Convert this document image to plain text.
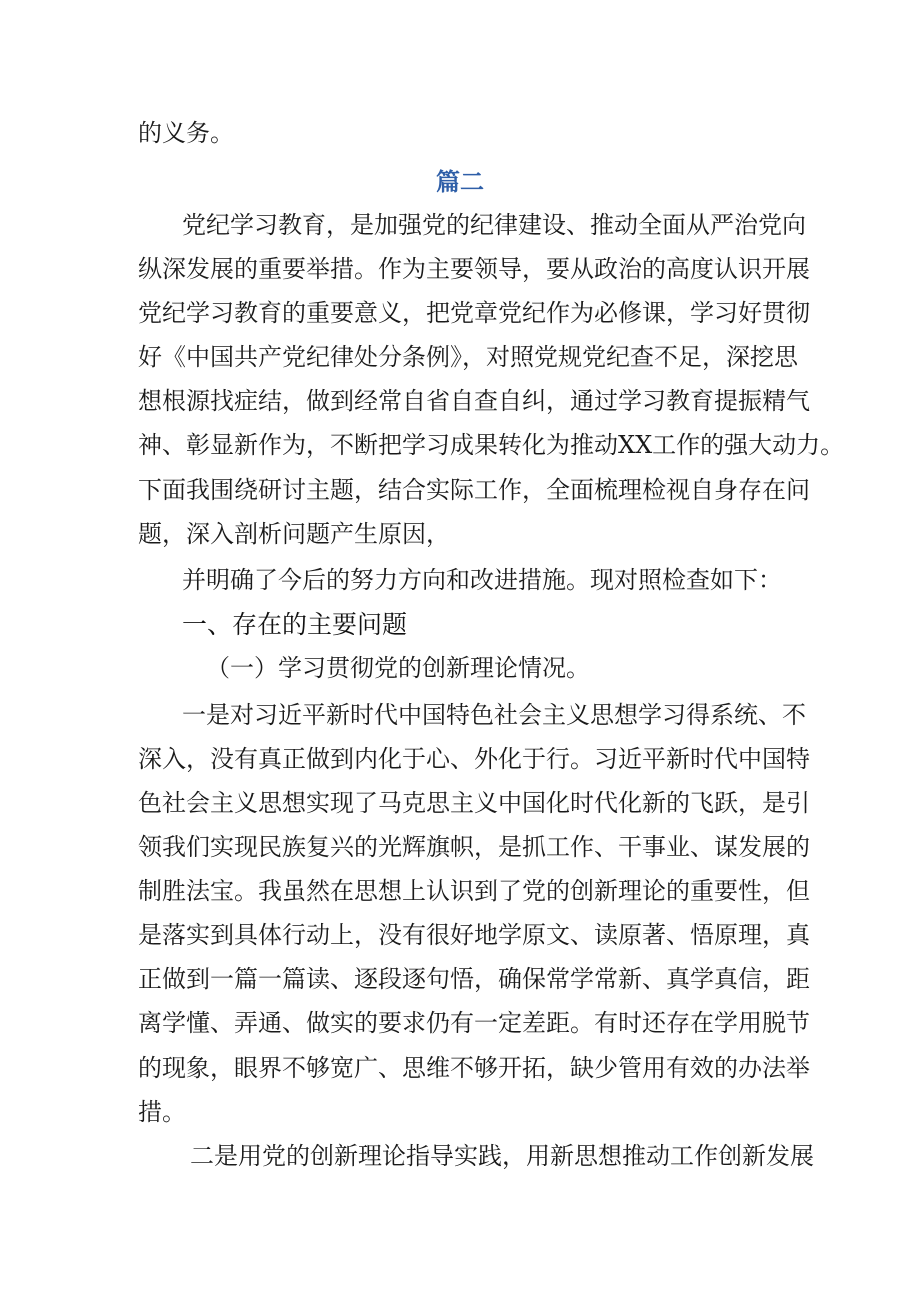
的义务。
篇二
党纪学习教育，是加强党的纪律建设、推动全面从严治党向
纵深发展的重要举措。作为主要领导，要从政治的高度认识开展
党纪学习教育的重要意义，把党章党纪作为必修课，学习好贯彻
好《中国共产党纪律处分条例》，对照党规党纪查不足，深挖思
想根源找症结，做到经常自省自查自纠，通过学习教育提振精气
神、彰显新作为，不断把学习成果转化为推动XX工作的强大动力。
下面我围绕研讨主题，结合实际工作，全面梳理检视自身存在问
题，深入剖析问题产生原因，
并明确了今后的努力方向和改进措施。现对照检查如下：
一、存在的主要问题
（一）学习贯彻党的创新理论情况。
一是对习近平新时代中国特色社会主义思想学习得系统、不
深入，没有真正做到内化于心、外化于行。习近平新时代中国特
色社会主义思想实现了马克思主义中国化时代化新的飞跃，是引
领我们实现民族复兴的光辉旗帜，是抓工作、干事业、谋发展的
制胜法宝。我虽然在思想上认识到了党的创新理论的重要性，但
是落实到具体行动上，没有很好地学原文、读原著、悟原理，真
正做到一篇一篇读、逐段逐句悟，确保常学常新、真学真信，距
离学懂、弄通、做实的要求仍有一定差距。有时还存在学用脱节
的现象，眼界不够宽广、思维不够开拓，缺少管用有效的办法举
措。
二是用党的创新理论指导实践，用新思想推动工作创新发展
